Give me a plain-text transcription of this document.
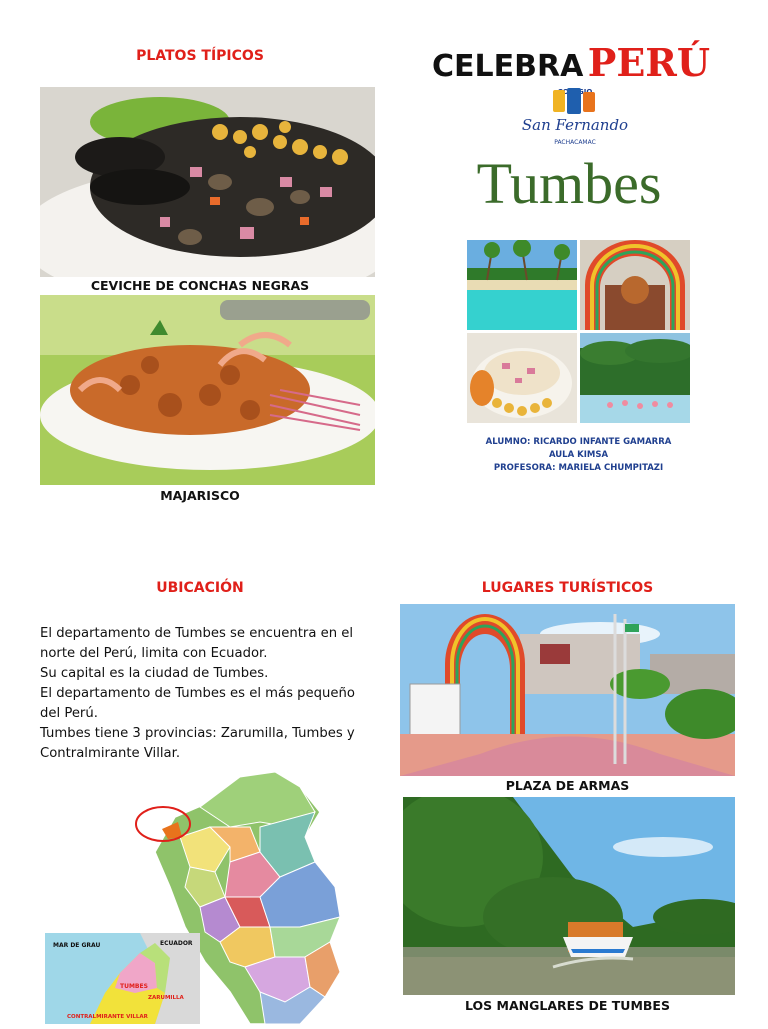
PLATOS TÍPICOS
CEVICHE DE CONCHAS NEGRAS
MAJARISCO
CELEBRA PERÚ
San Fernando
PACHACAMAC
Tumbes
ALUMNO: RICARDO INFANTE GAMARRA
AULA KIMSA
PROFESORA: MARIELA CHUMPITAZI
UBICACIÓN

El departamento de Tumbes se encuentra en el norte del Perú, limita con Ecuador.

Su capital es la ciudad de Tumbes.

El departamento de Tumbes es el más pequeño del Perú.

Tumbes tiene 3 provincias: Zarumilla, Tumbes y Contralmirante Villar.

MAR DE GRAU	ECUADOR
TUMBES
ZARUMILLA
CONTRALMIRANTE VILLAR
LUGARES TURÍSTICOS
PLAZA DE ARMAS
LOS MANGLARES DE TUMBES
